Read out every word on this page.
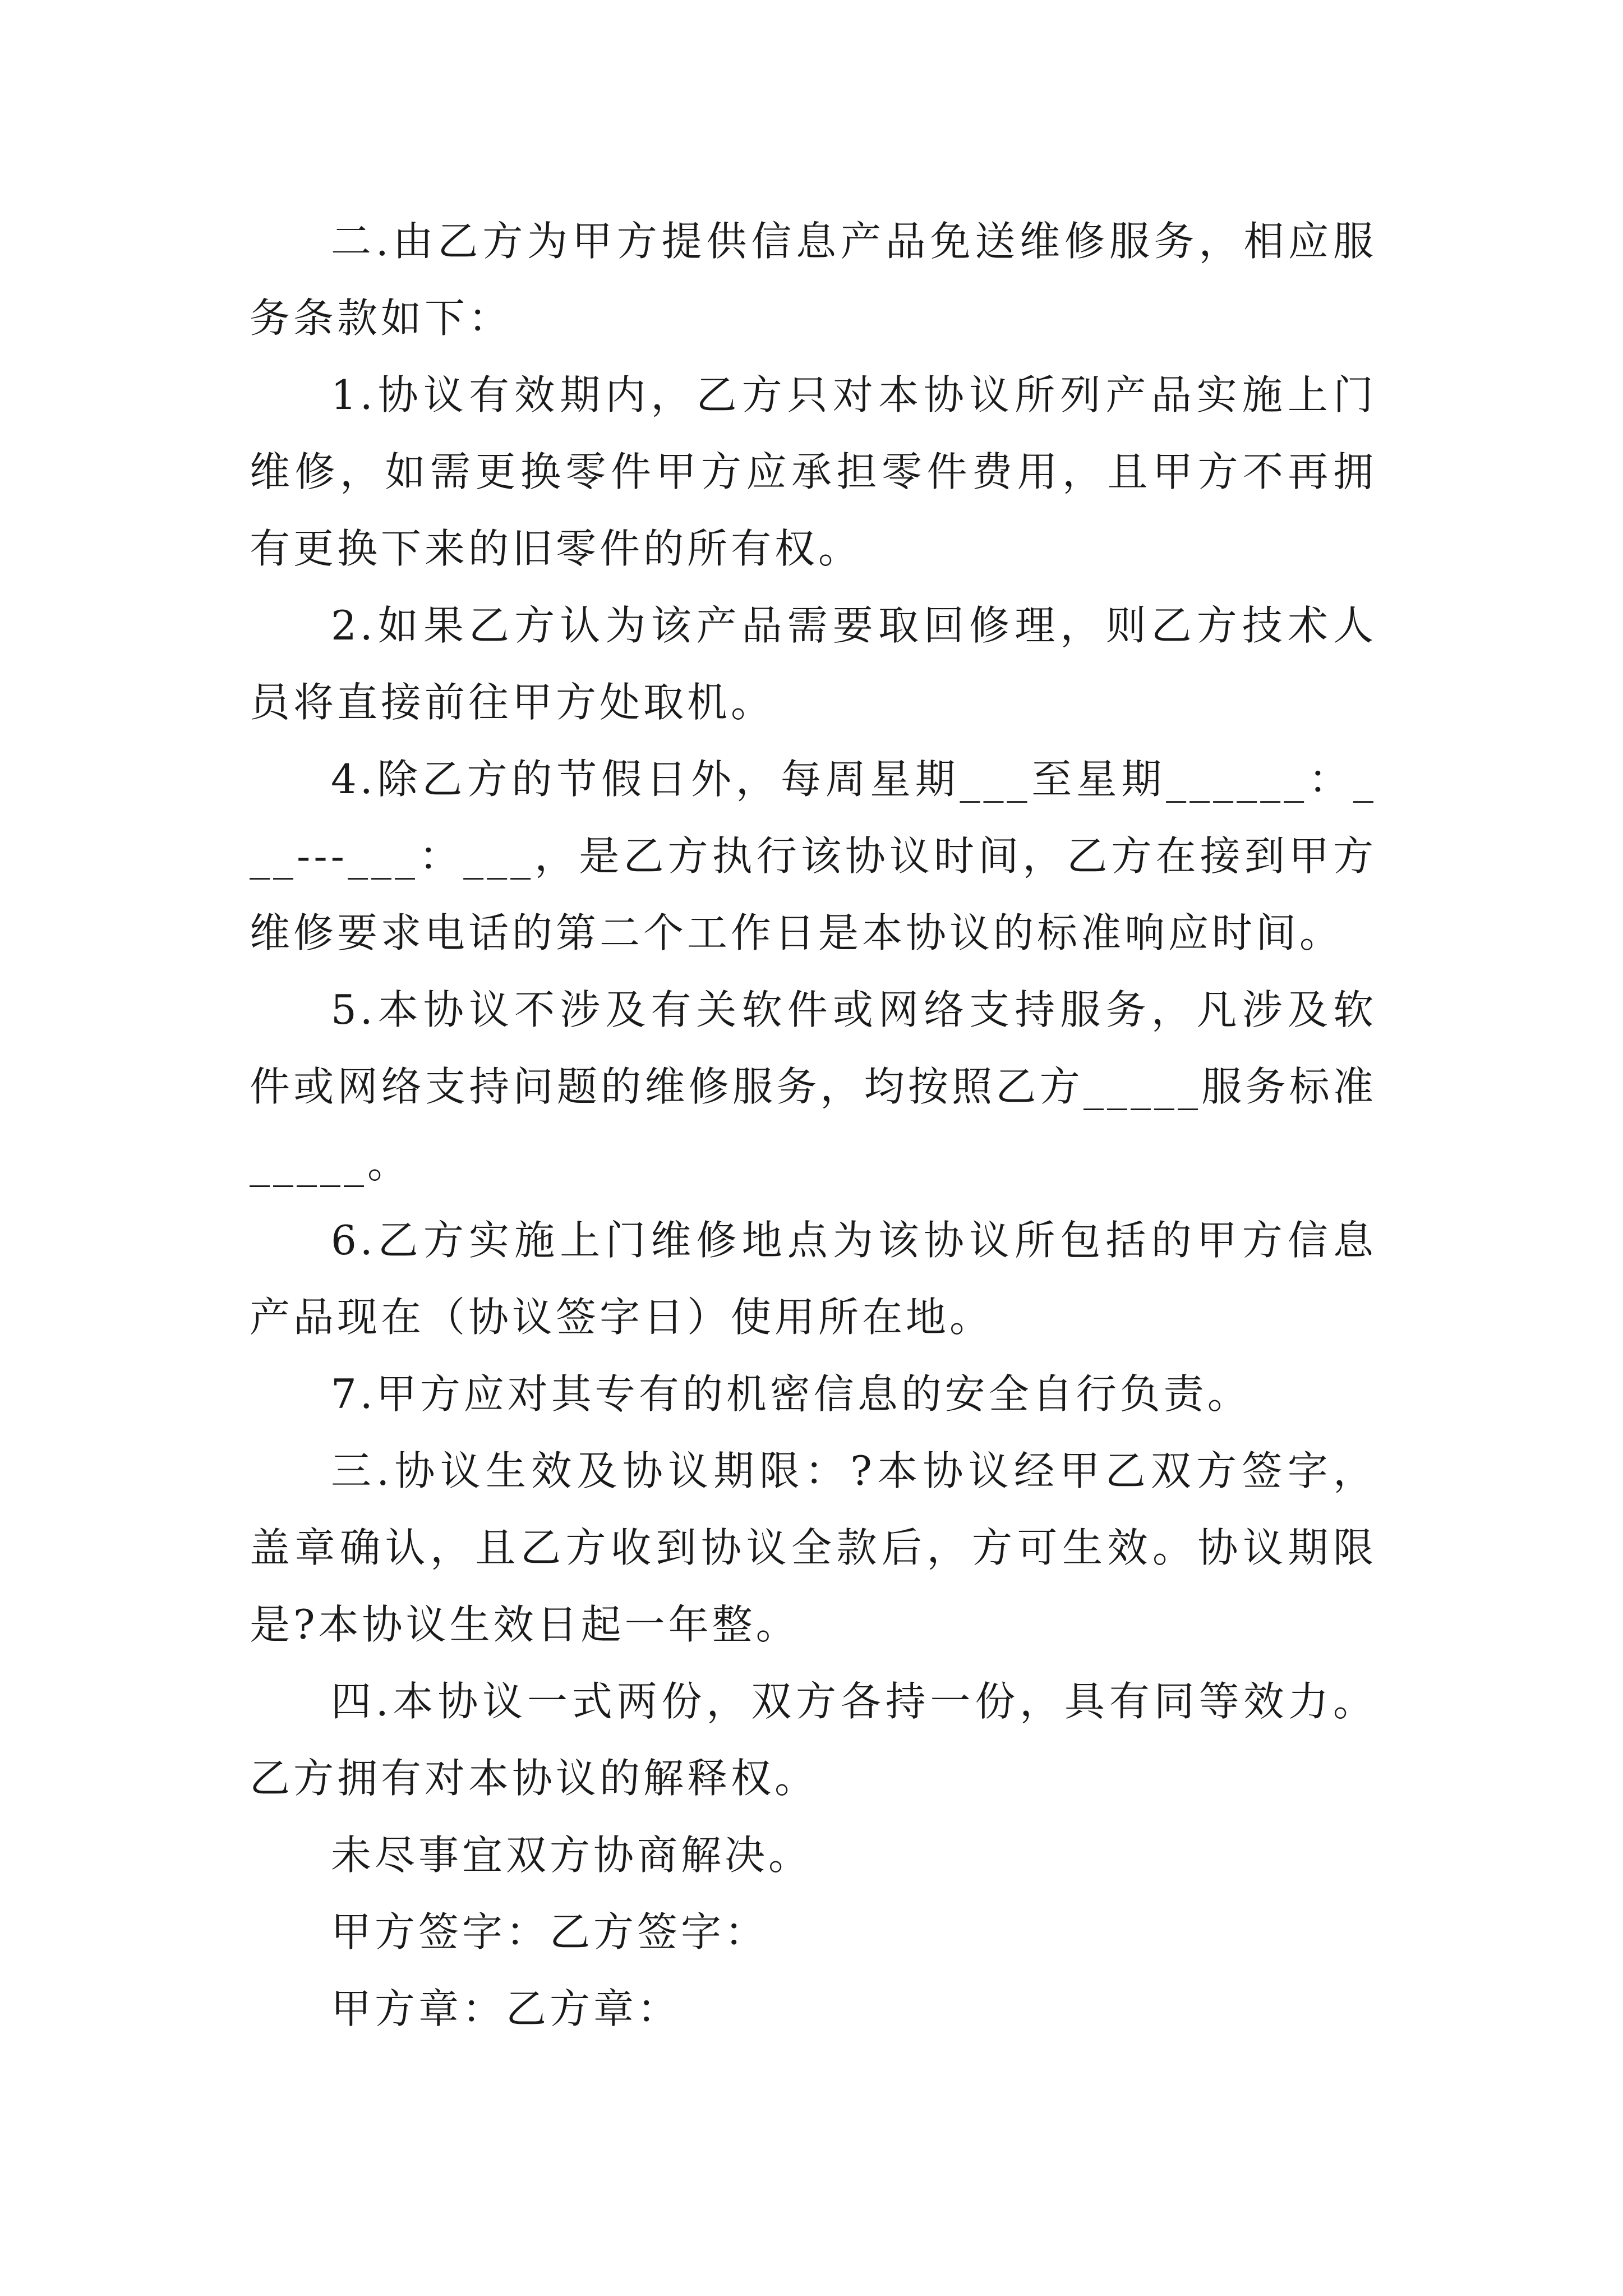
二.由乙方为甲方提供信息产品免送维修服务，相应服务条款如下：

1.协议有效期内，乙方只对本协议所列产品实施上门维修，如需更换零件甲方应承担零件费用，且甲方不再拥有更换下来的旧零件的所有权。

2.如果乙方认为该产品需要取回修理，则乙方技术人员将直接前往甲方处取机。

4.除乙方的节假日外，每周星期___至星期______：___---___：___，是乙方执行该协议时间，乙方在接到甲方维修要求电话的第二个工作日是本协议的标准响应时间。

5.本协议不涉及有关软件或网络支持服务，凡涉及软件或网络支持问题的维修服务，均按照乙方_____服务标准_____。

6.乙方实施上门维修地点为该协议所包括的甲方信息产品现在（协议签字日）使用所在地。

7.甲方应对其专有的机密信息的安全自行负责。

三.协议生效及协议期限：?本协议经甲乙双方签字，盖章确认，且乙方收到协议全款后，方可生效。协议期限是?本协议生效日起一年整。

四.本协议一式两份，双方各持一份，具有同等效力。乙方拥有对本协议的解释权。

未尽事宜双方协商解决。

甲方签字：乙方签字：

甲方章：乙方章：
